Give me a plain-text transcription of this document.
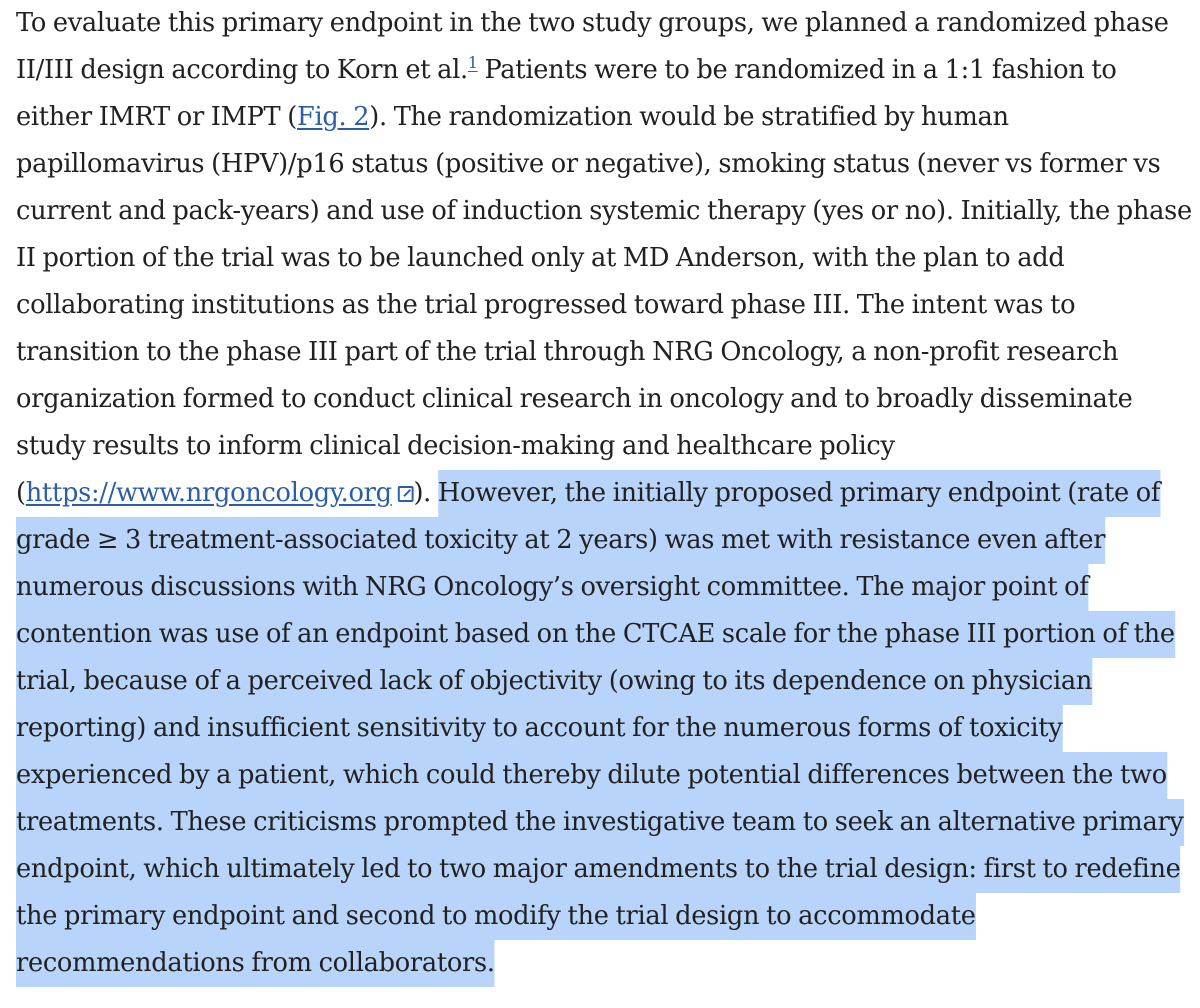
To evaluate this primary endpoint in the two study groups, we planned a randomized phase
II/III design according to Korn et al.$^1$ Patients were to be randomized in a 1:1 fashion to
either IMRT or IMPT (Fig. 2). The randomization would be stratified by human
papillomavirus (HPV)/p16 status (positive or negative), smoking status (never vs former vs
current and pack-years) and use of induction systemic therapy (yes or no). Initially, the phase
II portion of the trial was to be launched only at MD Anderson, with the plan to add
collaborating institutions as the trial progressed toward phase III. The intent was to
transition to the phase III part of the trial through NRG Oncology, a non-profit research
organization formed to conduct clinical research in oncology and to broadly disseminate
study results to inform clinical decision-making and healthcare policy
(https://www.nrgoncology.org ). However, the initially proposed primary endpoint (rate of
grade ≥ 3 treatment-associated toxicity at 2 years) was met with resistance even after
numerous discussions with NRG Oncology’s oversight committee. The major point of
contention was use of an endpoint based on the CTCAE scale for the phase III portion of the
trial, because of a perceived lack of objectivity (owing to its dependence on physician
reporting) and insufficient sensitivity to account for the numerous forms of toxicity
experienced by a patient, which could thereby dilute potential differences between the two
treatments. These criticisms prompted the investigative team to seek an alternative primary
endpoint, which ultimately led to two major amendments to the trial design: first to redefine
the primary endpoint and second to modify the trial design to accommodate
recommendations from collaborators.
